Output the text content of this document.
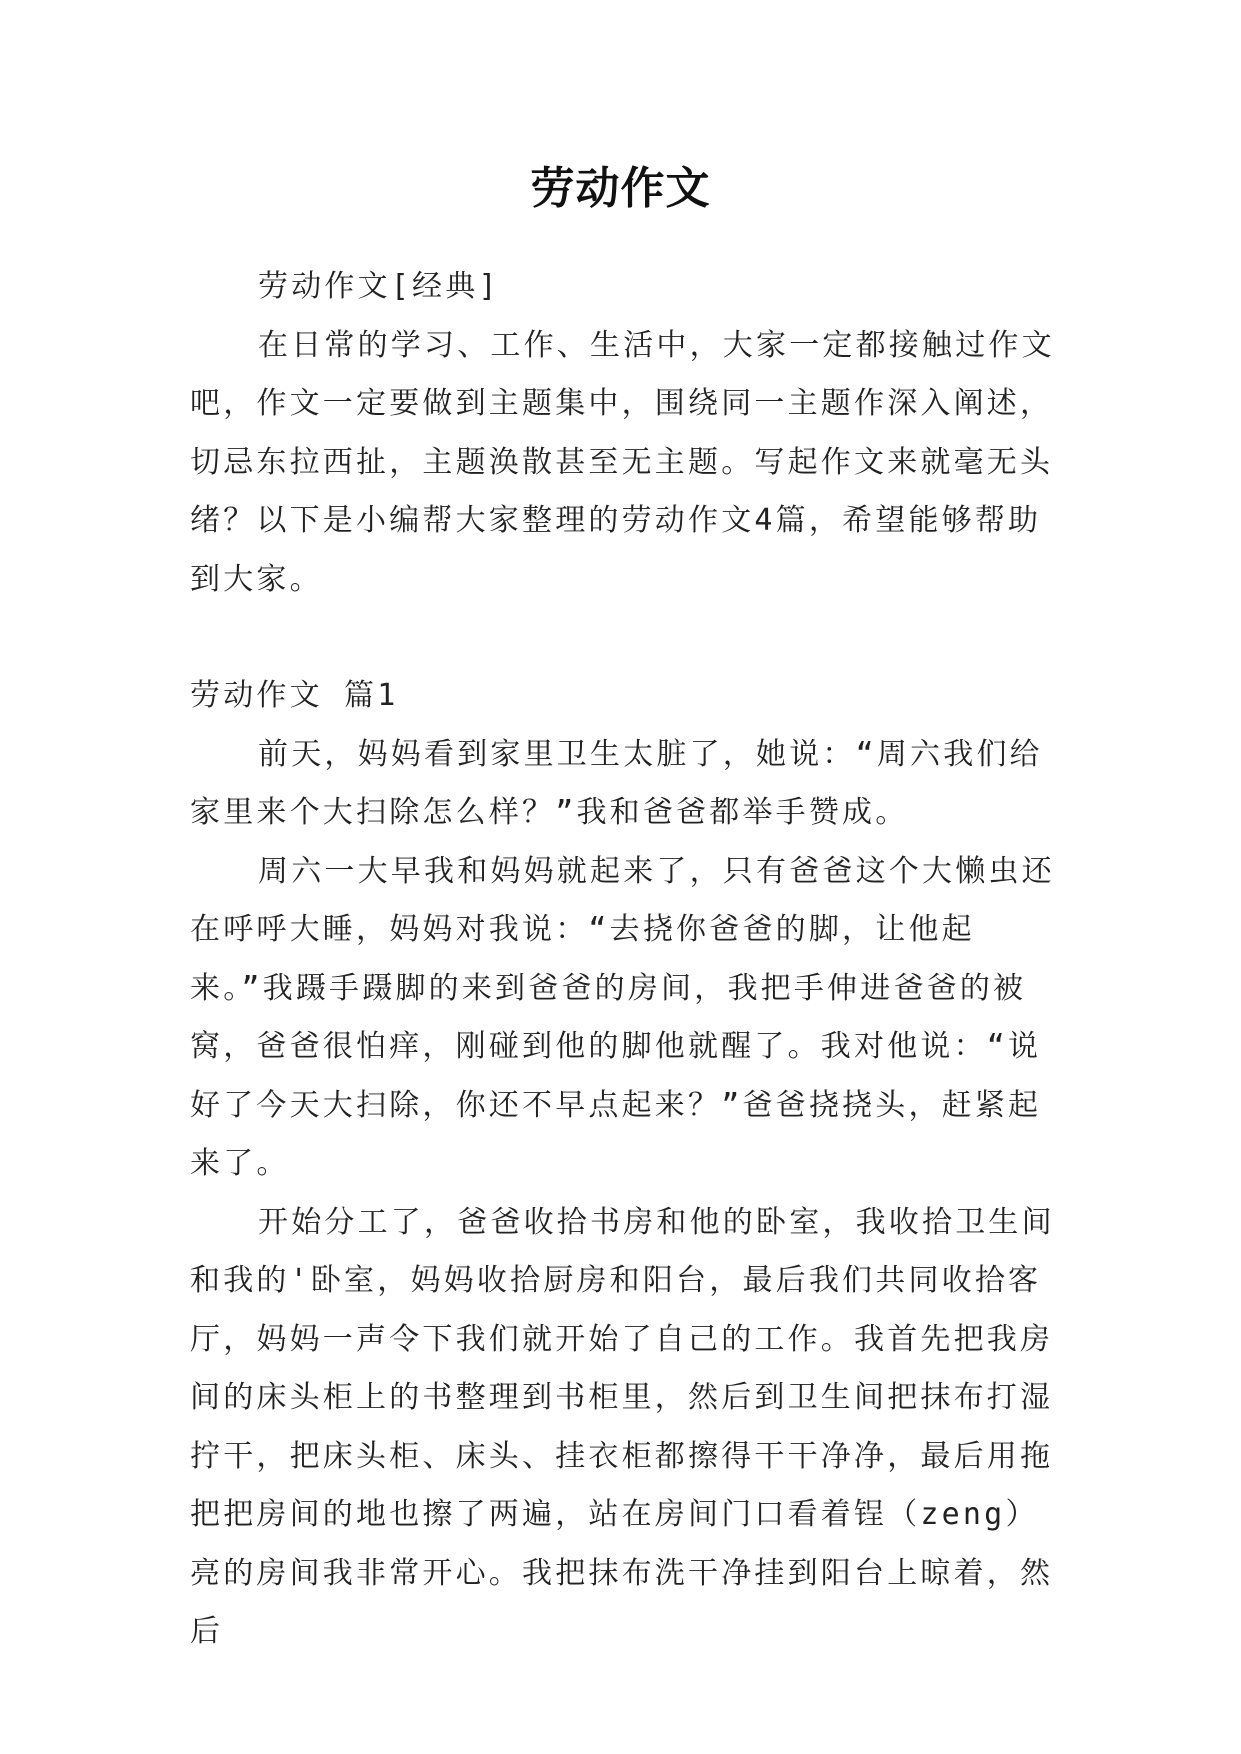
劳动作文

劳动作文[经典]

在日常的学习、工作、生活中，大家一定都接触过作文吧，作文一定要做到主题集中，围绕同一主题作深入阐述，切忌东拉西扯，主题涣散甚至无主题。写起作文来就毫无头绪？以下是小编帮大家整理的劳动作文4篇，希望能够帮助到大家。

劳动作文 篇1

前天，妈妈看到家里卫生太脏了，她说：“周六我们给家里来个大扫除怎么样？”我和爸爸都举手赞成。

周六一大早我和妈妈就起来了，只有爸爸这个大懒虫还在呼呼大睡，妈妈对我说：“去挠你爸爸的脚，让他起来。”我蹑手蹑脚的来到爸爸的房间，我把手伸进爸爸的被窝，爸爸很怕痒，刚碰到他的脚他就醒了。我对他说：“说好了今天大扫除，你还不早点起来？”爸爸挠挠头，赶紧起来了。

开始分工了，爸爸收拾书房和他的卧室，我收拾卫生间和我的'卧室，妈妈收拾厨房和阳台，最后我们共同收拾客厅，妈妈一声令下我们就开始了自己的工作。我首先把我房间的床头柜上的书整理到书柜里，然后到卫生间把抹布打湿拧干，把床头柜、床头、挂衣柜都擦得干干净净，最后用拖把把房间的地也擦了两遍，站在房间门口看着锃（zeng）亮的房间我非常开心。我把抹布洗干净挂到阳台上晾着，然后
